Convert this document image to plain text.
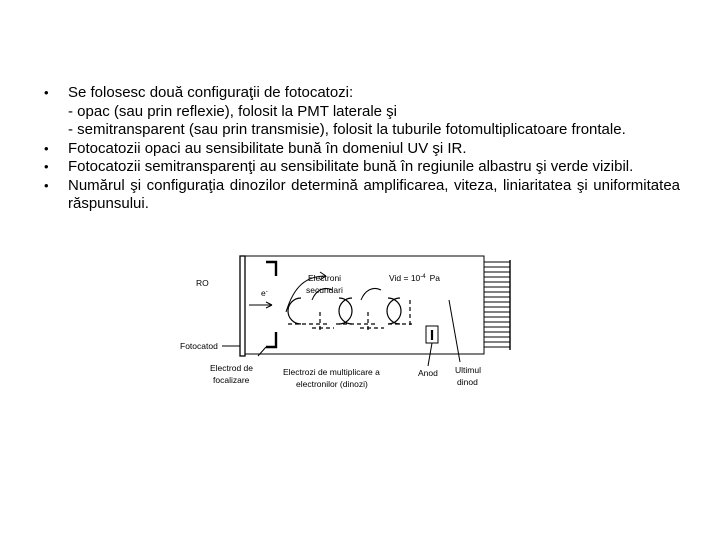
• Se folosesc două configuraţii de fotocatozi:

- opac (sau prin reflexie), folosit la PMT laterale şi

- semitransparent (sau prin transmisie), folosit la tuburile fotomultiplicatoare frontale.

• Fotocatozii opaci au sensibilitate bună în domeniul UV şi IR.

• Fotocatozii semitransparenţi au sensibilitate bună în regiunile albastru şi verde vizibil.

• Numărul şi configuraţia dinozilor determină amplificarea, viteza, liniaritatea şi uniformitatea răspunsului.

RO
e-
Electroni
secundari
Vid = $10^{-4}$ Pa
Fotocatod
Electrod de
focalizare
Electrozi de multiplicare a
electronilor (dinozi)
Anod Ultimul
dinod
